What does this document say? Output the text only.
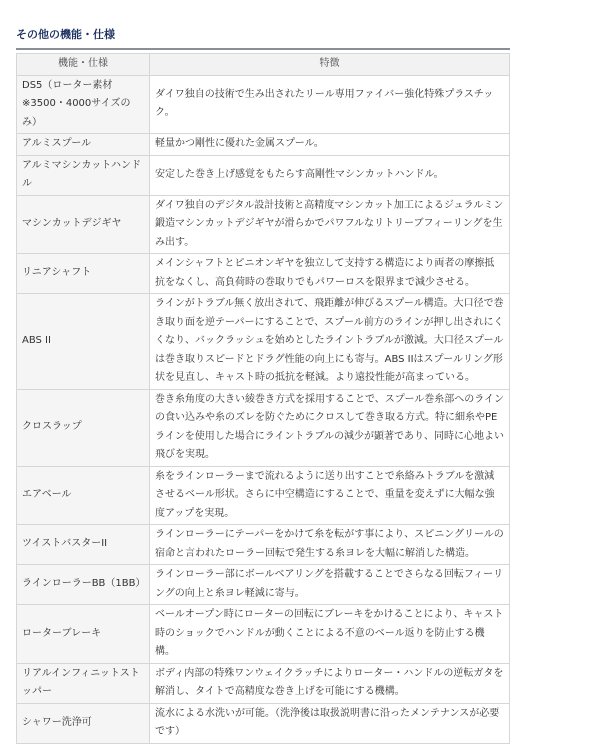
その他の機能・仕様
機能・仕様	特徴
DS5（ローター素材※3500・4000サイズのみ）	ダイワ独自の技術で生み出されたリール専用ファイバー強化特殊プラスチック。
アルミスプール	軽量かつ剛性に優れた金属スプール。
アルミマシンカットハンドル	安定した巻き上げ感覚をもたらす高剛性マシンカットハンドル。
マシンカットデジギヤ	ダイワ独自のデジタル設計技術と高精度マシンカット加工によるジュラルミン鍛造マシンカットデジギヤが滑らかでパワフルなリトリーブフィーリングを生み出す。
リニアシャフト	メインシャフトとピニオンギヤを独立して支持する構造により両者の摩擦抵抗をなくし、高負荷時の巻取りでもパワーロスを限界まで減少させる。
ABS II	ラインがトラブル無く放出されて、飛距離が伸びるスプール構造。大口径で巻き取り面を逆テーパーにすることで、スプール前方のラインが押し出されにくくなり、バックラッシュを始めとしたライントラブルが激減。大口径スプールは巻き取りスピードとドラグ性能の向上にも寄与。ABS IIはスプールリング形状を見直し、キャスト時の抵抗を軽減。より遠投性能が高まっている。
クロスラップ	巻き糸角度の大きい綾巻き方式を採用することで、スプール巻糸部へのラインの食い込みや糸のズレを防ぐためにクロスして巻き取る方式。特に細糸やPEラインを使用した場合にライントラブルの減少が顕著であり、同時に心地よい飛びを実現。
エアベール	糸をラインローラーまで流れるように送り出すことで糸絡みトラブルを激減させるベール形状。さらに中空構造にすることで、重量を変えずに大幅な強度アップを実現。
ツイストバスターII	ラインローラーにテーパーをかけて糸を転がす事により、スピニングリールの宿命と言われたローラー回転で発生する糸ヨレを大幅に解消した構造。
ラインローラーBB（1BB）	ラインローラー部にボールベアリングを搭載することでさらなる回転フィーリングの向上と糸ヨレ軽減に寄与。
ローターブレーキ	ベールオープン時にローターの回転にブレーキをかけることにより、キャスト時のショックでハンドルが動くことによる不意のベール返りを防止する機構。
リアルインフィニットストッパー	ボディ内部の特殊ワンウェイクラッチによりローター・ハンドルの逆転ガタを解消し、タイトで高精度な巻き上げを可能にする機構。
シャワー洗浄可	流水による水洗いが可能。（洗浄後は取扱説明書に沿ったメンテナンスが必要です）
